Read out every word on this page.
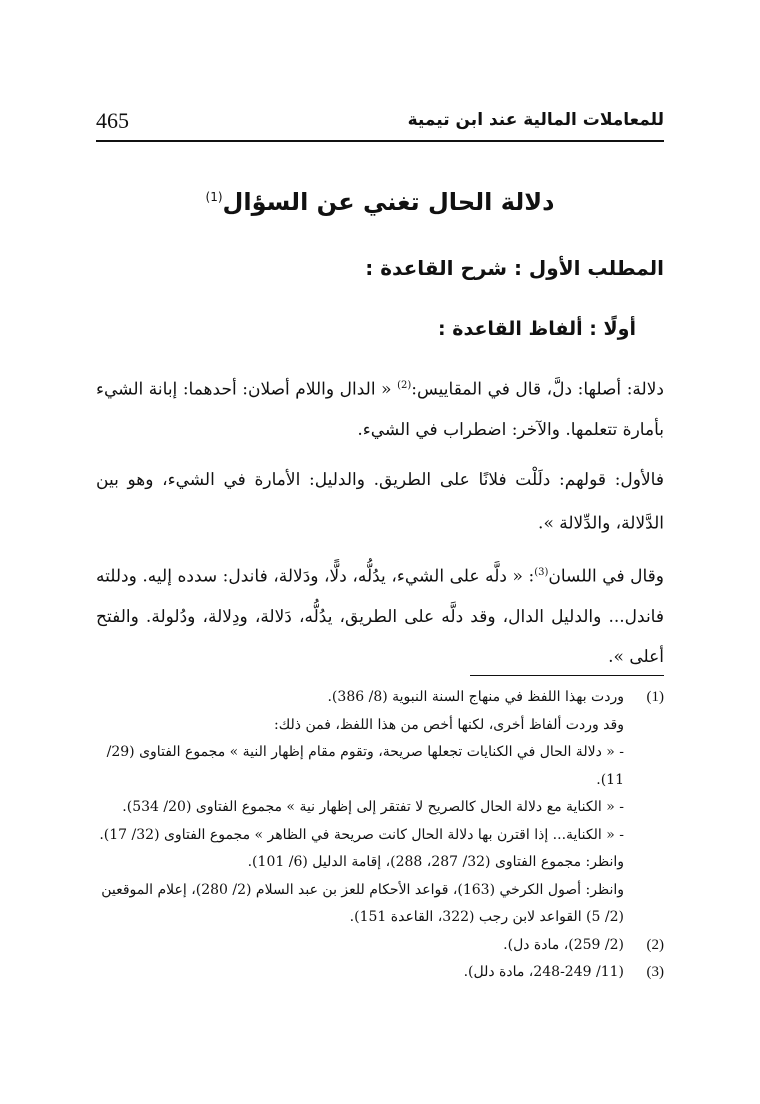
465	للمعاملات المالية عند ابن تيمية
دلالة الحال تغني عن السؤال$^{(1)}$
المطلب الأول : شرح القاعدة :
أولًا : ألفاظ القاعدة :

دلالة: أصلها: دلَّ، قال في المقاييس:$^{(2)}$ « الدال واللام أصلان: أحدهما: إبانة الشيء بأمارة تتعلمها. والآخر: اضطراب في الشيء.

فالأول: قولهم: دلَلْت فلانًا على الطريق. والدليل: الأمارة في الشيء، وهو بين الدَّلالة، والدِّلالة ».

وقال في اللسان$^{(3)}$: « دلَّه على الشيء، يدُلُّه، دلًّا، ودَلالة، فاندل: سدده إليه. ودللته فاندل... والدليل الدال، وقد دلَّه على الطريق، يدُلُّه، دَلالة، ودِلالة، ودُلولة. والفتح أعلى ».

(1)
وردت بهذا اللفظ في منهاج السنة النبوية (8/ 386).
وقد وردت ألفاظ أخرى، لكنها أخص من هذا اللفظ، فمن ذلك:
- « دلالة الحال في الكنايات تجعلها صريحة، وتقوم مقام إظهار النية » مجموع الفتاوى (29/ 11).
- « الكناية مع دلالة الحال كالصريح لا تفتقر إلى إظهار نية » مجموع الفتاوى (20/ 534).
- « الكناية... إذا اقترن بها دلالة الحال كانت صريحة في الظاهر » مجموع الفتاوى (32/ 17).
وانظر: مجموع الفتاوى (32/ 287، 288)، إقامة الدليل (6/ 101).
وانظر: أصول الكرخي (163)، قواعد الأحكام للعز بن عبد السلام (2/ 280)، إعلام الموقعين (2/ 5) القواعد لابن رجب (322، القاعدة 151).
(2)
(2/ 259)، مادة دل).
(3)
(11/ 248-249، مادة دلل).
